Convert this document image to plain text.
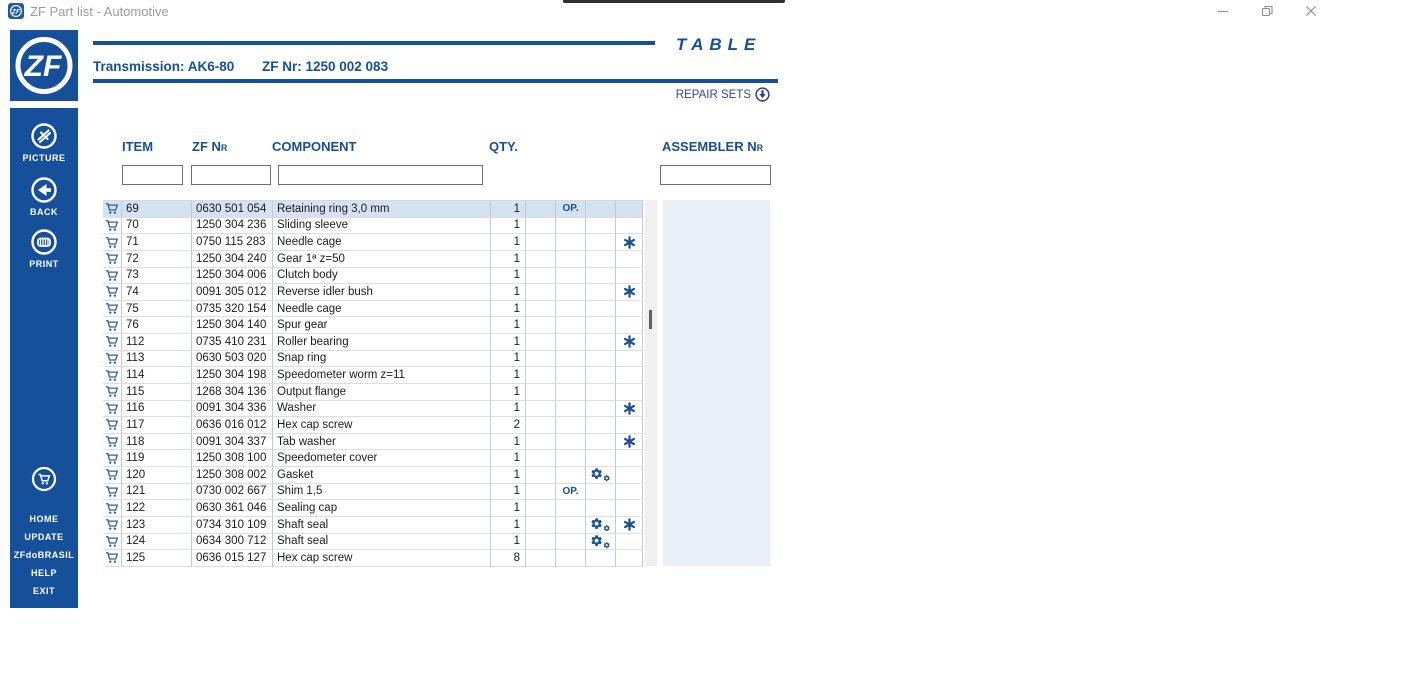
ZF ZF Part list - Automotive
ZF
PICTURE
BACK
PRINT
HOME
UPDATE
ZFdoBRASIL
HELP
EXIT
TABLE
Transmission: AK6-80 ZF Nr: 1250 002 083
REPAIR SETS
ITEM	ZF Nr	COMPONENT	QTY.	ASSEMBLER Nr
69	0630 501 054 Retaining ring 3,0 mm	1	OP.
70	1250 304 236 Sliding sleeve	1
71	0750 115 283	Needle cage	1
72	1250 304 240 Gear 1ª z=50	1
73	1250 304 006 Clutch body	1
74	0091 305 012 Reverse idler bush	1
75	0735 320 154 Needle cage	1
76	1250 304 140 Spur gear	1
112	0735 410 231 Roller bearing	1
113	0630 503 020 Snap ring	1
114	1250 304 198 Speedometer worm z=11	1
115	1268 304 136 Output flange	1
116	0091 304 336 Washer	1
117	0636 016 012 Hex cap screw	2
118	0091 304 337 Tab washer	1
119	1250 308 100 Speedometer cover	1
120	1250 308 002 Gasket	1
121	0730 002 667 Shim 1,5	1	OP.
122	0630 361 046 Sealing cap	1
123	0734 310 109 Shaft seal	1
124	0634 300 712 Shaft seal	1
125	0636 015 127 Hex cap screw	8
